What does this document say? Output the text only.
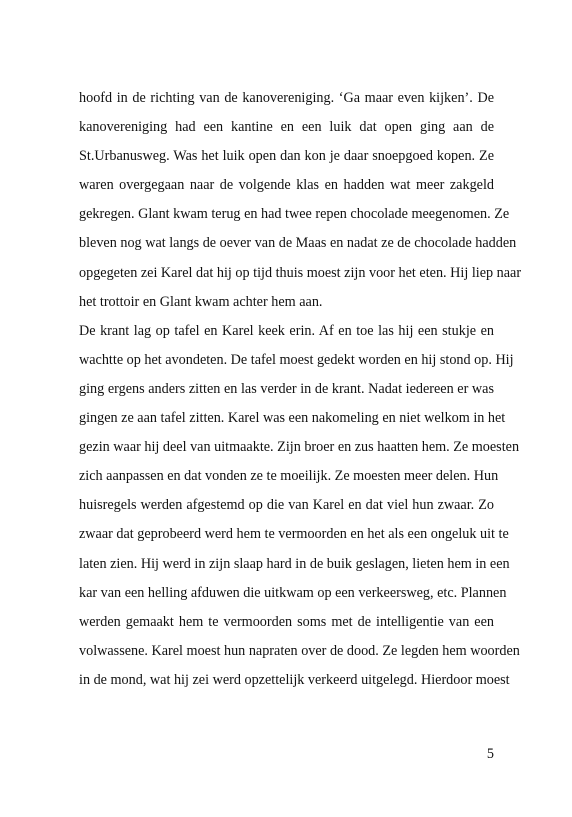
hoofd in de richting van de kanovereniging. ‘Ga maar even kijken’. De
kanovereniging had een kantine en een luik dat open ging aan de
St.Urbanusweg. Was het luik open dan kon je daar snoepgoed kopen. Ze
waren overgegaan naar de volgende klas en hadden wat meer zakgeld
gekregen. Glant kwam terug en had twee repen chocolade meegenomen. Ze
bleven nog wat langs de oever van de Maas en nadat ze de chocolade hadden
opgegeten zei Karel dat hij op tijd thuis moest zijn voor het eten. Hij liep naar
het trottoir en Glant kwam achter hem aan.
De krant lag op tafel en Karel keek erin. Af en toe las hij een stukje en
wachtte op het avondeten. De tafel moest gedekt worden en hij stond op. Hij
ging ergens anders zitten en las verder in de krant. Nadat iedereen er was
gingen ze aan tafel zitten. Karel was een nakomeling en niet welkom in het
gezin waar hij deel van uitmaakte. Zijn broer en zus haatten hem. Ze moesten
zich aanpassen en dat vonden ze te moeilijk. Ze moesten meer delen. Hun
huisregels werden afgestemd op die van Karel en dat viel hun zwaar. Zo
zwaar dat geprobeerd werd hem te vermoorden en het als een ongeluk uit te
laten zien. Hij werd in zijn slaap hard in de buik geslagen, lieten hem in een
kar van een helling afduwen die uitkwam op een verkeersweg, etc. Plannen
werden gemaakt hem te vermoorden soms met de intelligentie van een
volwassene. Karel moest hun napraten over de dood. Ze legden hem woorden
in de mond, wat hij zei werd opzettelijk verkeerd uitgelegd. Hierdoor moest
5
